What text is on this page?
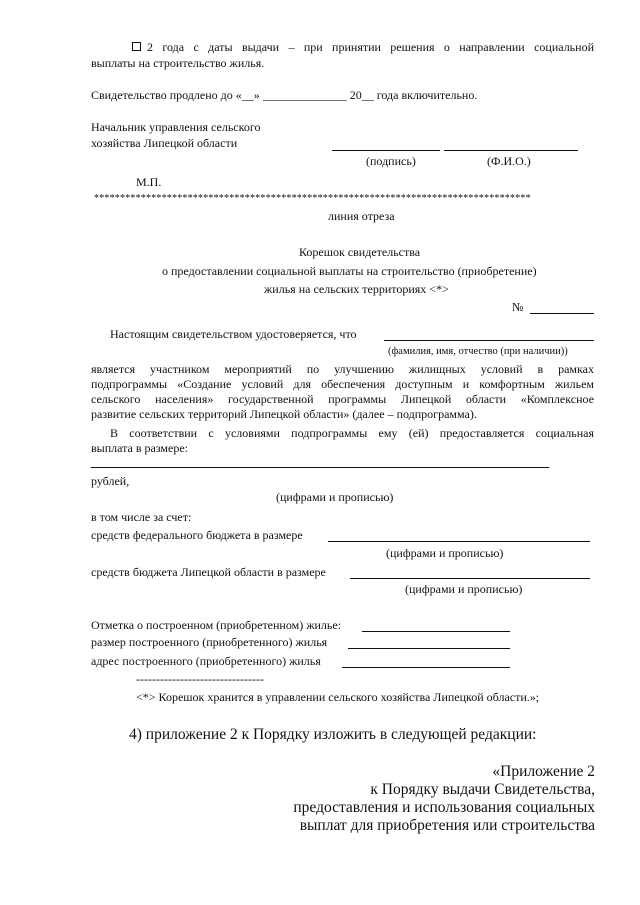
2 года с даты выдачи – при принятии решения о направлении социальной
выплаты на строительство жилья.
Свидетельство продлено до «__» ______________ 20__ года включительно.
Начальник управления сельского
хозяйства Липецкой области
(подпись)	(Ф.И.О.)
М.П.
************************************************************************************
линия отреза
Корешок свидетельства
о предоставлении социальной выплаты на строительство (приобретение)
жилья на сельских территориях <*>
№
Настоящим свидетельством удостоверяется, что
(фамилия, имя, отчество (при наличии))
является участником мероприятий по улучшению жилищных условий в рамках
подпрограммы «Создание условий для обеспечения доступным и комфортным жильем
сельского населения» государственной программы Липецкой области «Комплексное
развитие сельских территорий Липецкой области» (далее – подпрограмма).
В соответствии с условиями подпрограммы ему (ей) предоставляется социальная
выплата в размере:
рублей,
(цифрами и прописью)
в том числе за счет:
средств федерального бюджета в размере
(цифрами и прописью)
средств бюджета Липецкой области в размере
(цифрами и прописью)
Отметка о построенном (приобретенном) жилье:
размер построенного (приобретенного) жилья
адрес построенного (приобретенного) жилья
--------------------------------
<*> Корешок хранится в управлении сельского хозяйства Липецкой области.»;
4) приложение 2 к Порядку изложить в следующей редакции:
«Приложение 2
к Порядку выдачи Свидетельства,
предоставления и использования социальных
выплат для приобретения или строительства
